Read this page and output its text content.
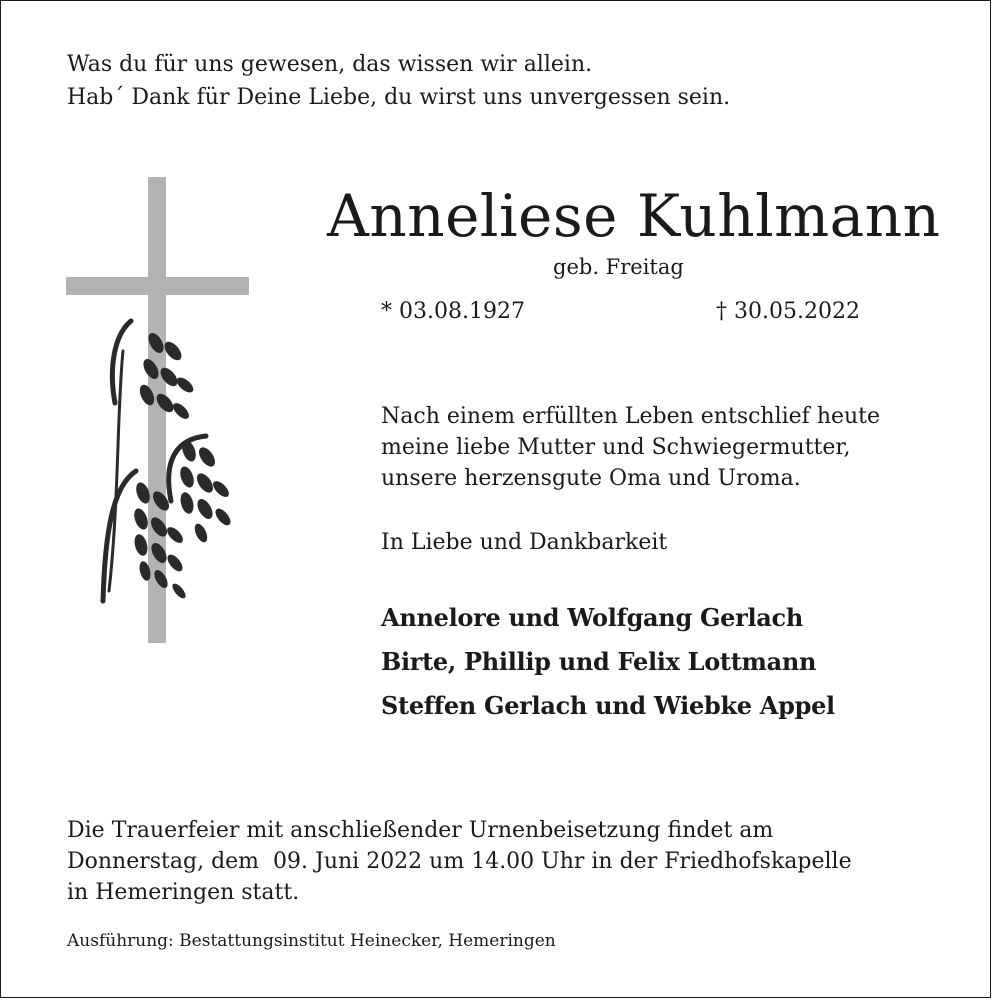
Was du für uns gewesen, das wissen wir allein.
Hab´ Dank für Deine Liebe, du wirst uns unvergessen sein.
Anneliese Kuhlmann
geb. Freitag
* 03.08.1927	† 30.05.2022
Nach einem erfüllten Leben entschlief heute
meine liebe Mutter und Schwiegermutter,
unsere herzensgute Oma und Uroma.
In Liebe und Dankbarkeit
Annelore und Wolfgang Gerlach
Birte, Phillip und Felix Lottmann
Steffen Gerlach und Wiebke Appel
Die Trauerfeier mit anschließender Urnenbeisetzung findet am
Donnerstag, dem  09. Juni 2022 um 14.00 Uhr in der Friedhofskapelle
in Hemeringen statt.
Ausführung: Bestattungsinstitut Heinecker, Hemeringen
